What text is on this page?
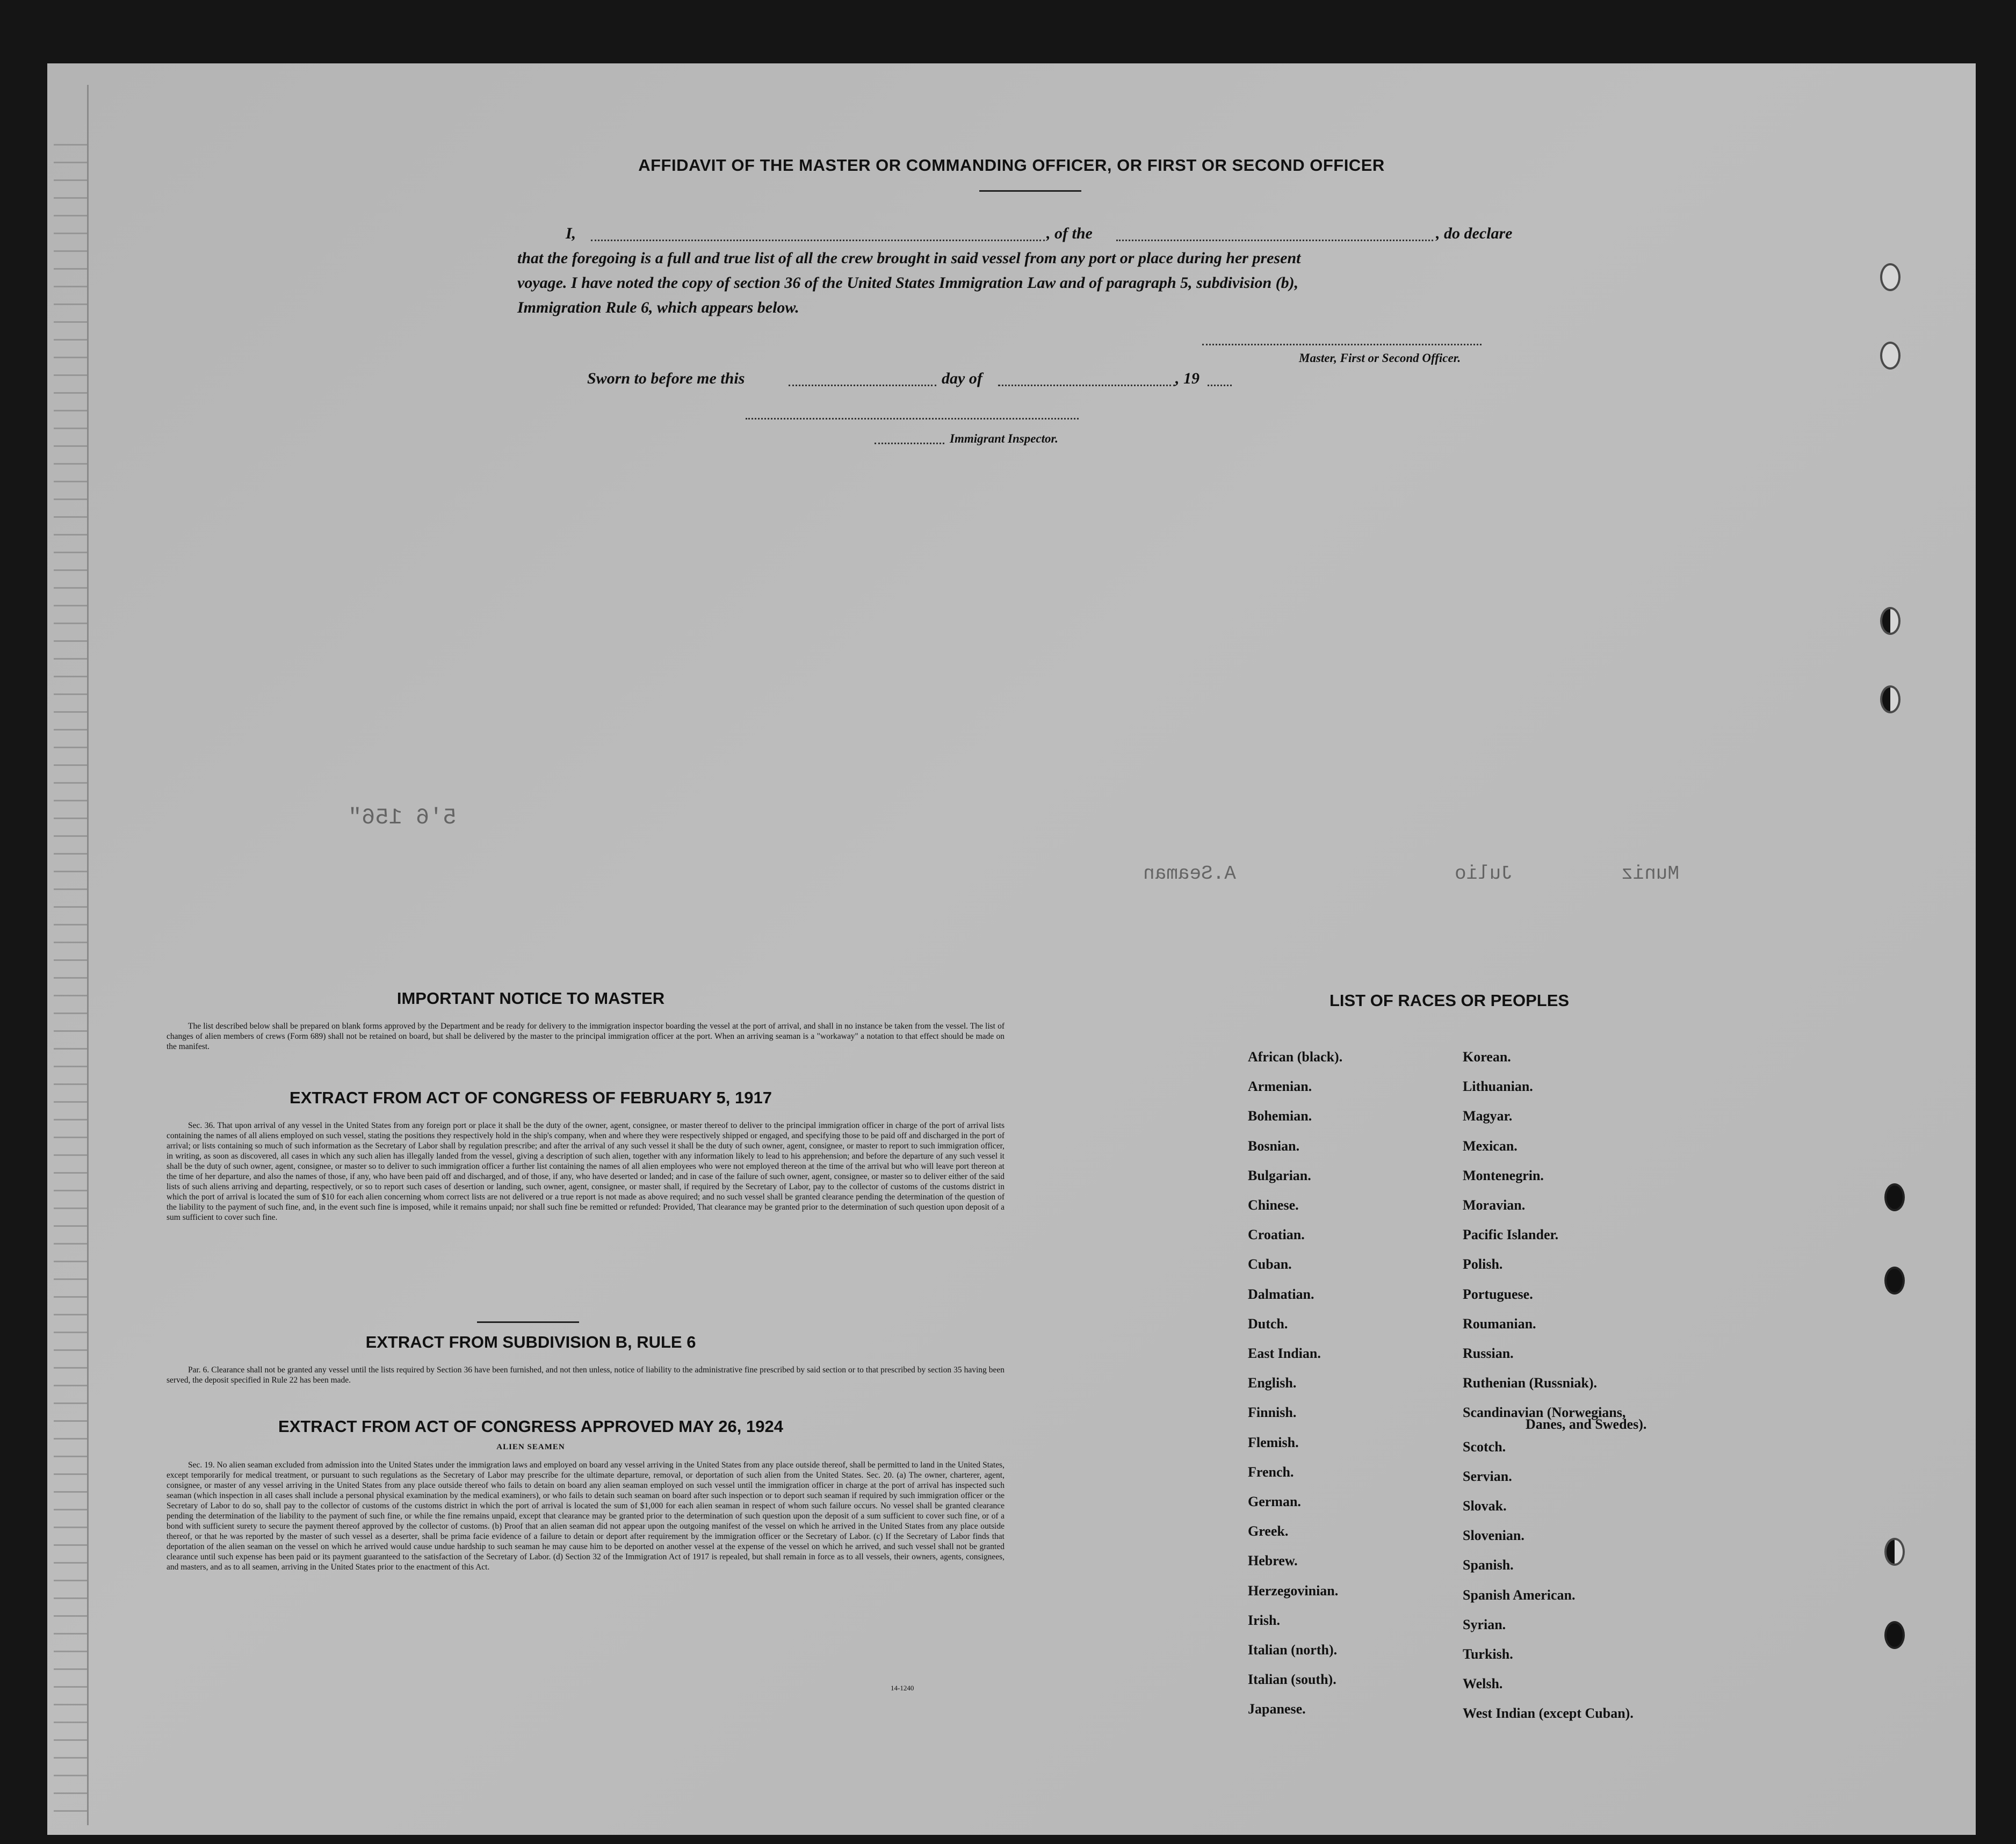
AFFIDAVIT OF THE MASTER OR COMMANDING OFFICER, OR FIRST OR SECOND OFFICER
I,	, of the	, do declare
that the foregoing is a full and true list of all the crew brought in said vessel from any port or place during her present
voyage. I have noted the copy of section 36 of the United States Immigration Law and of paragraph 5, subdivision (b),
Immigration Rule 6, which appears below.
Master, First or Second Officer.
Sworn to before me this	day of	, 19
Immigrant Inspector.
5'6 156"
A.Seaman	Julio	Muniz
IMPORTANT NOTICE TO MASTER
The list described below shall be prepared on blank forms approved by the Department and be ready for delivery to the immigration inspector boarding the vessel at the port of arrival, and shall in no instance be taken from the vessel. The list of changes of alien members of crews (Form 689) shall not be retained on board, but shall be delivered by the master to the principal immigration officer at the port. When an arriving seaman is a "workaway" a notation to that effect should be made on the manifest.
EXTRACT FROM ACT OF CONGRESS OF FEBRUARY 5, 1917
Sec. 36. That upon arrival of any vessel in the United States from any foreign port or place it shall be the duty of the owner, agent, consignee, or master thereof to deliver to the principal immigration officer in charge of the port of arrival lists containing the names of all aliens employed on such vessel, stating the positions they respectively hold in the ship's company, when and where they were respectively shipped or engaged, and specifying those to be paid off and discharged in the port of arrival; or lists containing so much of such information as the Secretary of Labor shall by regulation prescribe; and after the arrival of any such vessel it shall be the duty of such owner, agent, consignee, or master to report to such immigration officer, in writing, as soon as discovered, all cases in which any such alien has illegally landed from the vessel, giving a description of such alien, together with any information likely to lead to his apprehension; and before the departure of any such vessel it shall be the duty of such owner, agent, consignee, or master so to deliver to such immigration officer a further list containing the names of all alien employees who were not employed thereon at the time of the arrival but who will leave port thereon at the time of her departure, and also the names of those, if any, who have been paid off and discharged, and of those, if any, who have deserted or landed; and in case of the failure of such owner, agent, consignee, or master so to deliver either of the said lists of such aliens arriving and departing, respectively, or so to report such cases of desertion or landing, such owner, agent, consignee, or master shall, if required by the Secretary of Labor, pay to the collector of customs of the customs district in which the port of arrival is located the sum of $10 for each alien concerning whom correct lists are not delivered or a true report is not made as above required; and no such vessel shall be granted clearance pending the determination of the question of the liability to the payment of such fine, and, in the event such fine is imposed, while it remains unpaid; nor shall such fine be remitted or refunded: Provided, That clearance may be granted prior to the determination of such question upon deposit of a sum sufficient to cover such fine.
EXTRACT FROM SUBDIVISION B, RULE 6
Par. 6. Clearance shall not be granted any vessel until the lists required by Section 36 have been furnished, and not then unless, notice of liability to the administrative fine prescribed by said section or to that prescribed by section 35 having been served, the deposit specified in Rule 22 has been made.
EXTRACT FROM ACT OF CONGRESS APPROVED MAY 26, 1924
ALIEN SEAMEN
Sec. 19. No alien seaman excluded from admission into the United States under the immigration laws and employed on board any vessel arriving in the United States from any place outside thereof, shall be permitted to land in the United States, except temporarily for medical treatment, or pursuant to such regulations as the Secretary of Labor may prescribe for the ultimate departure, removal, or deportation of such alien from the United States. Sec. 20. (a) The owner, charterer, agent, consignee, or master of any vessel arriving in the United States from any place outside thereof who fails to detain on board any alien seaman employed on such vessel until the immigration officer in charge at the port of arrival has inspected such seaman (which inspection in all cases shall include a personal physical examination by the medical examiners), or who fails to detain such seaman on board after such inspection or to deport such seaman if required by such immigration officer or the Secretary of Labor to do so, shall pay to the collector of customs of the customs district in which the port of arrival is located the sum of $1,000 for each alien seaman in respect of whom such failure occurs. No vessel shall be granted clearance pending the determination of the liability to the payment of such fine, or while the fine remains unpaid, except that clearance may be granted prior to the determination of such question upon the deposit of a sum sufficient to cover such fine, or of a bond with sufficient surety to secure the payment thereof approved by the collector of customs. (b) Proof that an alien seaman did not appear upon the outgoing manifest of the vessel on which he arrived in the United States from any place outside thereof, or that he was reported by the master of such vessel as a deserter, shall be prima facie evidence of a failure to detain or deport after requirement by the immigration officer or the Secretary of Labor. (c) If the Secretary of Labor finds that deportation of the alien seaman on the vessel on which he arrived would cause undue hardship to such seaman he may cause him to be deported on another vessel at the expense of the vessel on which he arrived, and such vessel shall not be granted clearance until such expense has been paid or its payment guaranteed to the satisfaction of the Secretary of Labor. (d) Section 32 of the Immigration Act of 1917 is repealed, but shall remain in force as to all vessels, their owners, agents, consignees, and masters, and as to all seamen, arriving in the United States prior to the enactment of this Act.
14-1240
LIST OF RACES OR PEOPLES
African (black).
Armenian.
Bohemian.
Bosnian.
Bulgarian.
Chinese.
Croatian.
Cuban.
Dalmatian.
Dutch.
East Indian.
English.
Finnish.
Flemish.
French.
German.
Greek.
Hebrew.
Herzegovinian.
Irish.
Italian (north).
Italian (south).
Japanese.
Korean.
Lithuanian.
Magyar.
Mexican.
Montenegrin.
Moravian.
Pacific Islander.
Polish.
Portuguese.
Roumanian.
Russian.
Ruthenian (Russniak).
Scandinavian (Norwegians,
Scotch.
Servian.
Slovak.
Slovenian.
Spanish.
Spanish American.
Syrian.
Turkish.
Welsh.
West Indian (except Cuban).
Danes, and Swedes).
